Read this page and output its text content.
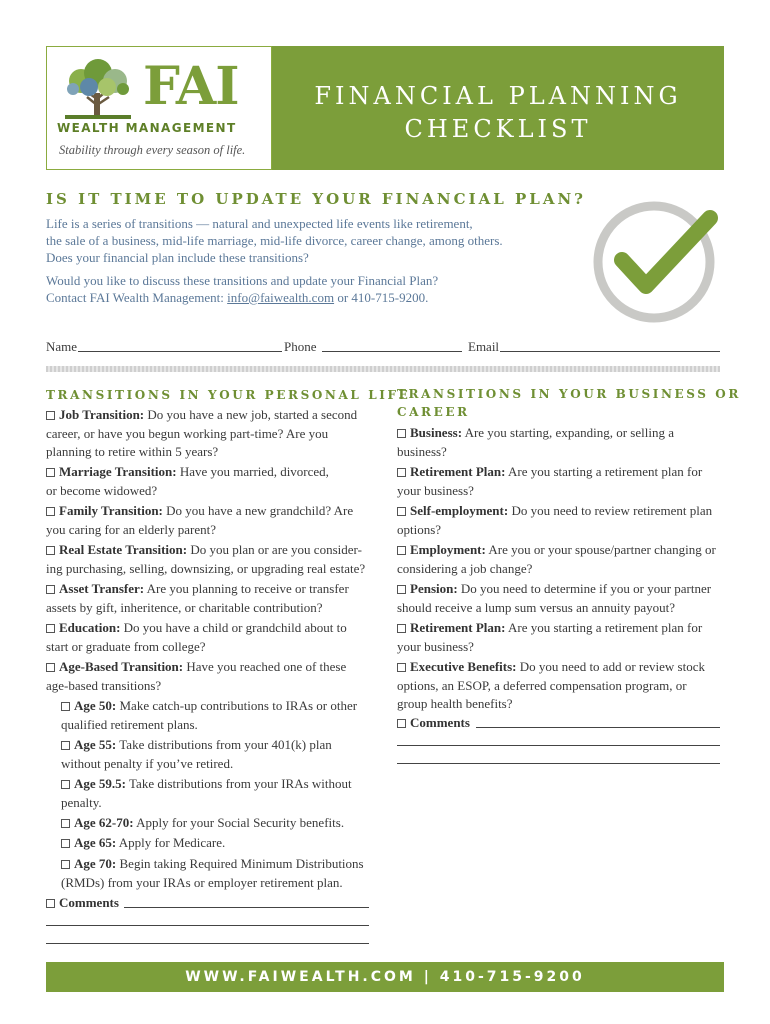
FAI
WEALTH MANAGEMENT
Stability through every season of life.
FINANCIAL PLANNING
CHECKLIST
IS IT TIME TO UPDATE YOUR FINANCIAL PLAN?
Life is a series of transitions — natural and unexpected life events like retirement,
the sale of a business, mid-life marriage, mid-life divorce, career change, among others.
Does your financial plan include these transitions?
Would you like to discuss these transitions and update your Financial Plan?
Contact FAI Wealth Management: info@faiwealth.com or 410-715-9200.
Name	Phone	Email
TRANSITIONS IN YOUR PERSONAL LIFE
Job Transition: Do you have a new job, started a second
career, or have you begun working part-time? Are you
planning to retire within 5 years?
Marriage Transition: Have you married, divorced,
or become widowed?
Family Transition: Do you have a new grandchild? Are
you caring for an elderly parent?
Real Estate Transition: Do you plan or are you consider-
ing purchasing, selling, downsizing, or upgrading real estate?
Asset Transfer: Are you planning to receive or transfer
assets by gift, inheritence, or charitable contribution?
Education: Do you have a child or grandchild about to
start or graduate from college?
Age-Based Transition: Have you reached one of these
age-based transitions?
Age 50: Make catch-up contributions to IRAs or other
qualified retirement plans.
Age 55: Take distributions from your 401(k) plan
without penalty if you’ve retired.
Age 59.5: Take distributions from your IRAs without
penalty.
Age 62-70: Apply for your Social Security benefits.
Age 65: Apply for Medicare.
Age 70: Begin taking Required Minimum Distributions
(RMDs) from your IRAs or employer retirement plan.
Comments
TRANSITIONS IN YOUR BUSINESS OR
CAREER
Business: Are you starting, expanding, or selling a
business?
Retirement Plan: Are you starting a retirement plan for
your business?
Self-employment: Do you need to review retirement plan
options?
Employment: Are you or your spouse/partner changing or
considering a job change?
Pension: Do you need to determine if you or your partner
should receive a lump sum versus an annuity payout?
Retirement Plan: Are you starting a retirement plan for
your business?
Executive Benefits: Do you need to add or review stock
options, an ESOP, a deferred compensation program, or
group health benefits?
Comments
WWW.FAIWEALTH.COM | 410-715-9200
